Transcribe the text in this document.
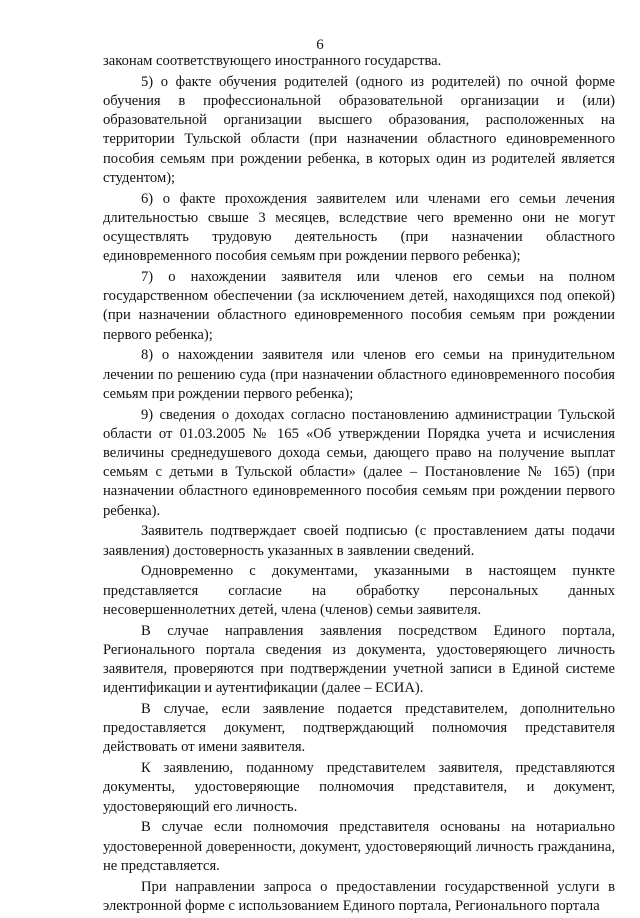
6

законам соответствующего иностранного государства.

5) о факте обучения родителей (одного из родителей) по очной форме обучения в профессиональной образовательной организации и (или) образовательной организации высшего образования, расположенных на территории Тульской области (при назначении областного единовременного пособия семьям при рождении ребенка, в которых один из родителей является студентом);

6) о факте прохождения заявителем или членами его семьи лечения длительностью свыше 3 месяцев, вследствие чего временно они не могут осуществлять трудовую деятельность (при назначении областного единовременного пособия семьям при рождении первого ребенка);

7) о нахождении заявителя или членов его семьи на полном государственном обеспечении (за исключением детей, находящихся под опекой) (при назначении областного единовременного пособия семьям при рождении первого ребенка);

8) о нахождении заявителя или членов его семьи на принудительном лечении по решению суда (при назначении областного единовременного пособия семьям при рождении первого ребенка);

9) сведения о доходах согласно постановлению администрации Тульской области от 01.03.2005 № 165 «Об утверждении Порядка учета и исчисления величины среднедушевого дохода семьи, дающего право на получение выплат семьям с детьми в Тульской области» (далее – Постановление № 165) (при назначении областного единовременного пособия семьям при рождении первого ребенка).

Заявитель подтверждает своей подписью (с проставлением даты подачи заявления) достоверность указанных в заявлении сведений.

Одновременно с документами, указанными в настоящем пункте представляется согласие на обработку персональных данных несовершеннолетних детей, члена (членов) семьи заявителя.

В случае направления заявления посредством Единого портала, Регионального портала сведения из документа, удостоверяющего личность заявителя, проверяются при подтверждении учетной записи в Единой системе идентификации и аутентификации (далее – ЕСИА).

В случае, если заявление подается представителем, дополнительно предоставляется документ, подтверждающий полномочия представителя действовать от имени заявителя.

К заявлению, поданному представителем заявителя, представляются документы, удостоверяющие полномочия представителя, и документ, удостоверяющий его личность.

В случае если полномочия представителя основаны на нотариально удостоверенной доверенности, документ, удостоверяющий личность гражданина, не представляется.

При направлении запроса о предоставлении государственной услуги в электронной форме с использованием Единого портала, Регионального портала
